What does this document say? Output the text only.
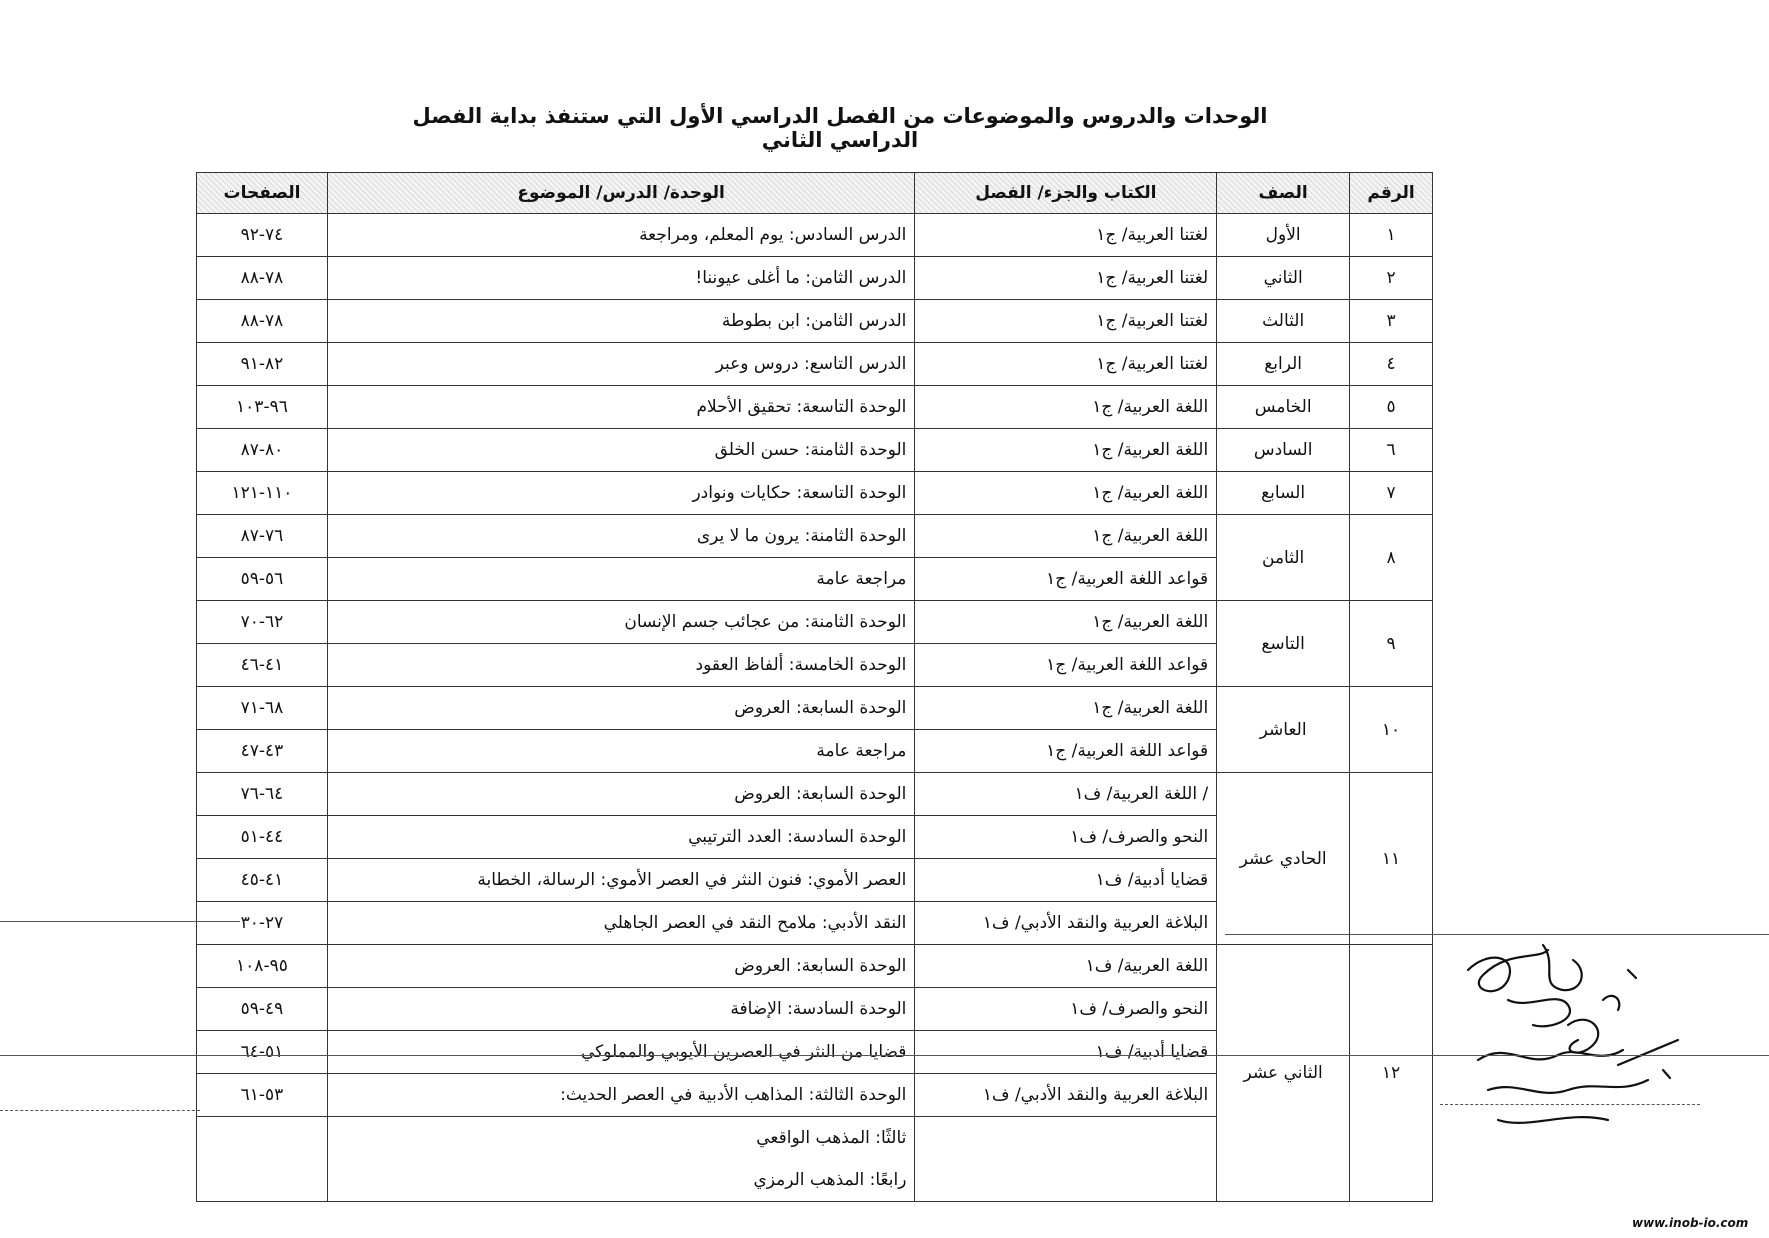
الوحدات والدروس والموضوعات من الفصل الدراسي الأول التي ستنفذ بداية الفصل الدراسي الثاني
الرقم	الصف	الكتاب والجزء/ الفصل	الوحدة/ الدرس/ الموضوع	الصفحات
١	الأول	لغتنا العربية/ ج١	الدرس السادس: يوم المعلم، ومراجعة	٧٤-٩٢
٢	الثاني	لغتنا العربية/ ج١	الدرس الثامن: ما أغلى عيوننا!	٧٨-٨٨
٣	الثالث	لغتنا العربية/ ج١	الدرس الثامن: ابن بطوطة	٧٨-٨٨
٤	الرابع	لغتنا العربية/ ج١	الدرس التاسع: دروس وعبر	٨٢-٩١
٥	الخامس	اللغة العربية/ ج١	الوحدة التاسعة: تحقيق الأحلام	٩٦-١٠٣
٦	السادس	اللغة العربية/ ج١	الوحدة الثامنة: حسن الخلق	٨٠-٨٧
٧	السابع	اللغة العربية/ ج١	الوحدة التاسعة: حكايات ونوادر	١١٠-١٢١
٨	الثامن	اللغة العربية/ ج١	الوحدة الثامنة: يرون ما لا يرى	٧٦-٨٧
		قواعد اللغة العربية/ ج١	مراجعة عامة	٥٦-٥٩
٩	التاسع	اللغة العربية/ ج١	الوحدة الثامنة: من عجائب جسم الإنسان	٦٢-٧٠
		قواعد اللغة العربية/ ج١	الوحدة الخامسة: ألفاظ العقود	٤١-٤٦
١٠	العاشر	اللغة العربية/ ج١	الوحدة السابعة: العروض	٦٨-٧١
		قواعد اللغة العربية/ ج١	مراجعة عامة	٤٣-٤٧
١١	الحادي عشر	/ اللغة العربية/ ف١	الوحدة السابعة: العروض	٦٤-٧٦
		النحو والصرف/ ف١	الوحدة السادسة: العدد الترتيبي	٤٤-٥١
		قضايا أدبية/ ف١	العصر الأموي: فنون النثر في العصر الأموي: الرسالة، الخطابة	٤١-٤٥
		البلاغة العربية والنقد الأدبي/ ف١	النقد الأدبي: ملامح النقد في العصر الجاهلي	٢٧-٣٠
١٢	الثاني عشر	اللغة العربية/ ف١	الوحدة السابعة: العروض	٩٥-١٠٨
		النحو والصرف/ ف١	الوحدة السادسة: الإضافة	٤٩-٥٩
		قضايا أدبية/ ف١	قضايا من النثر في العصرين الأيوبي والمملوكي	٥١-٦٤
		البلاغة العربية والنقد الأدبي/ ف١	الوحدة الثالثة: المذاهب الأدبية في العصر الحديث:	٥٣-٦١

			ثالثًا: المذهب الواقعي
رابعًا: المذهب الرمزي	

www.inob-io.com
